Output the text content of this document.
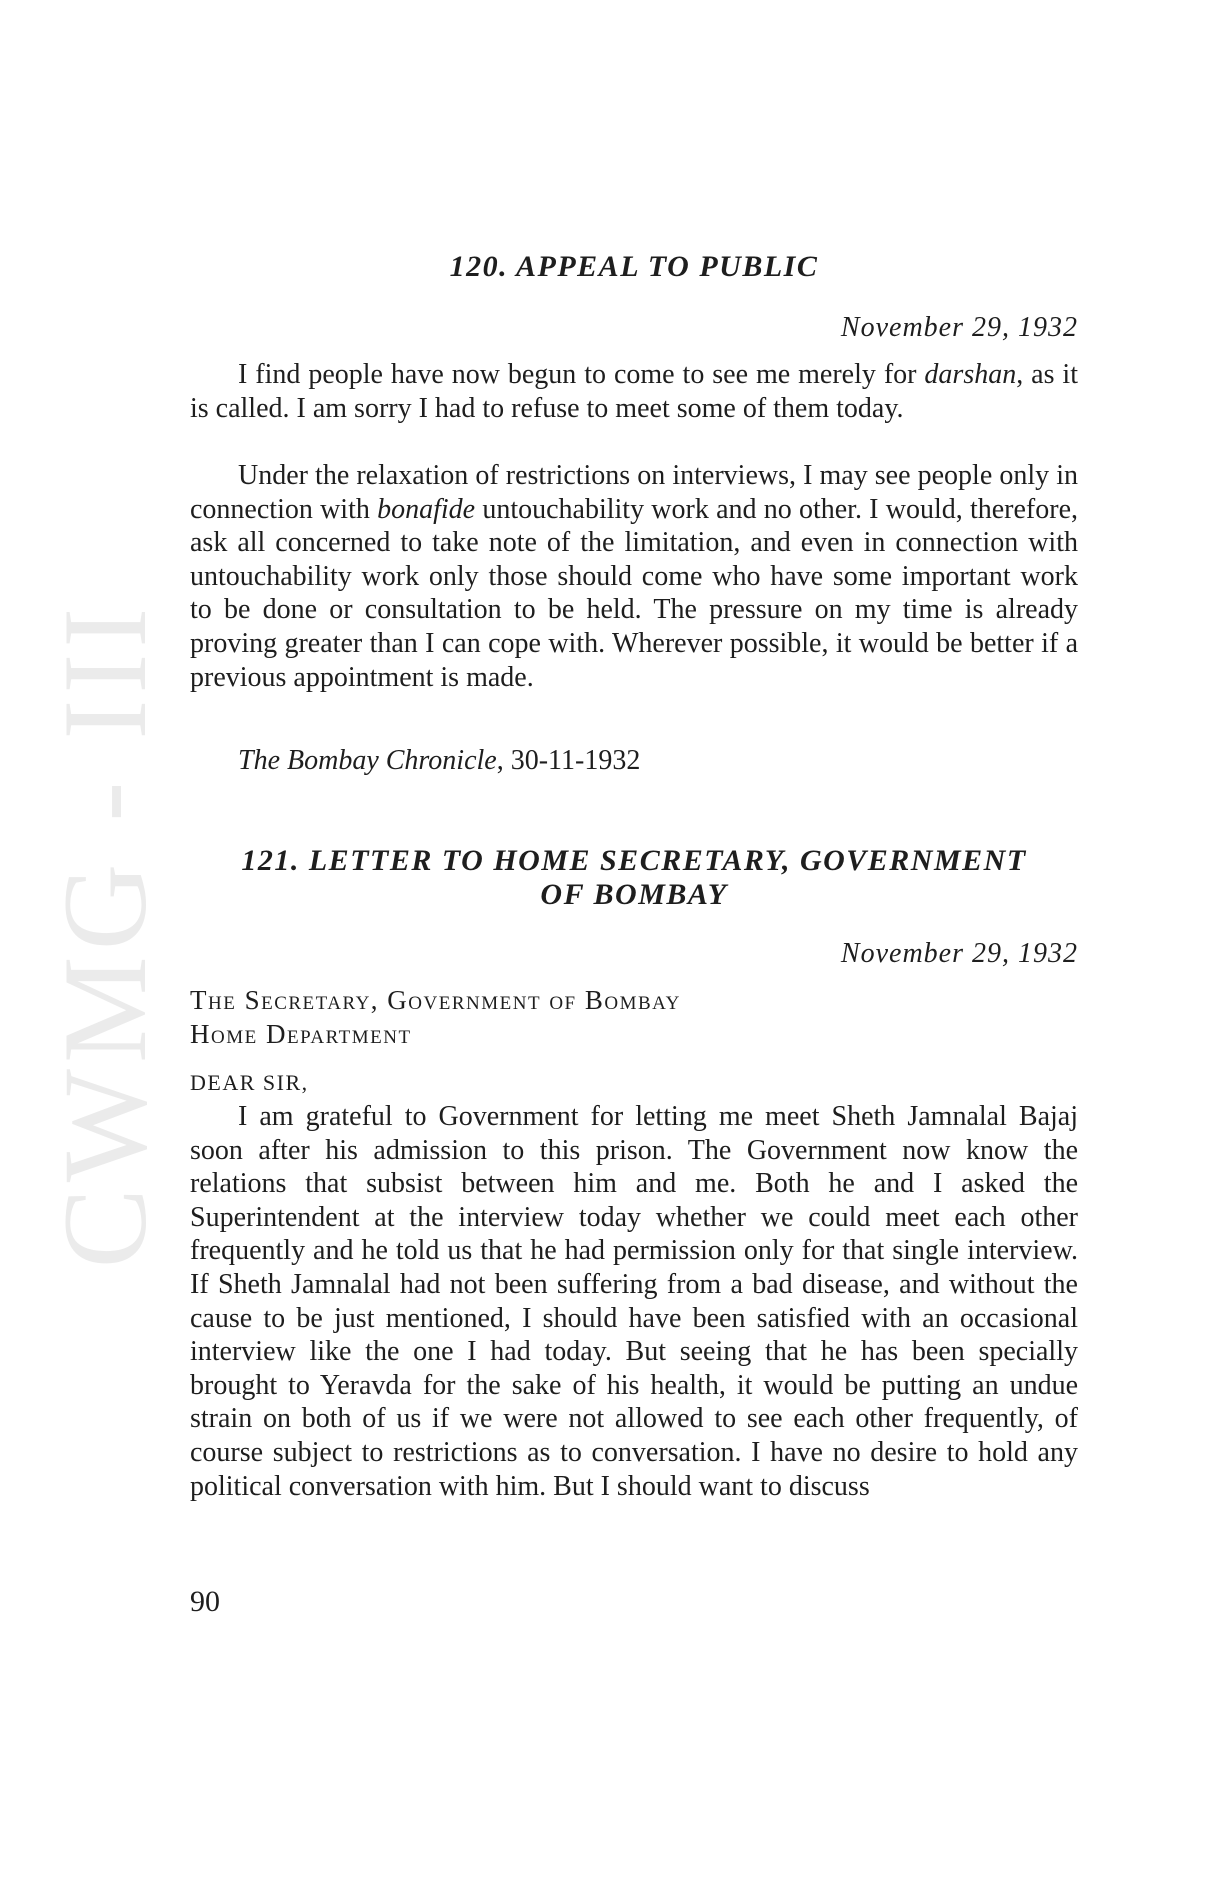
CWMG - III
120. APPEAL TO PUBLIC
November 29, 1932

I find people have now begun to come to see me merely for darshan, as it is called. I am sorry I had to refuse to meet some of them today.

Under the relaxation of restrictions on interviews, I may see people only in connection with bonafide untouchability work and no other. I would, therefore, ask all concerned to take note of the limitation, and even in connection with untouchability work only those should come who have some important work to be done or consultation to be held. The pressure on my time is already proving greater than I can cope with. Wherever possible, it would be better if a previous appointment is made.

The Bombay Chronicle, 30-11-1932
121. LETTER TO HOME SECRETARY, GOVERNMENT
OF BOMBAY
November 29, 1932
The Secretary, Government of Bombay
Home Department
DEAR SIR,

I am grateful to Government for letting me meet Sheth Jamnalal Bajaj soon after his admission to this prison. The Government now know the relations that subsist between him and me. Both he and I asked the Superintendent at the interview today whether we could meet each other frequently and he told us that he had permission only for that single interview. If Sheth Jamnalal had not been suffering from a bad disease, and without the cause to be just mentioned, I should have been satisfied with an occasional interview like the one I had today. But seeing that he has been specially brought to Yeravda for the sake of his health, it would be putting an undue strain on both of us if we were not allowed to see each other frequently, of course subject to restrictions as to conversation. I have no desire to hold any political conversation with him. But I should want to discuss

90
